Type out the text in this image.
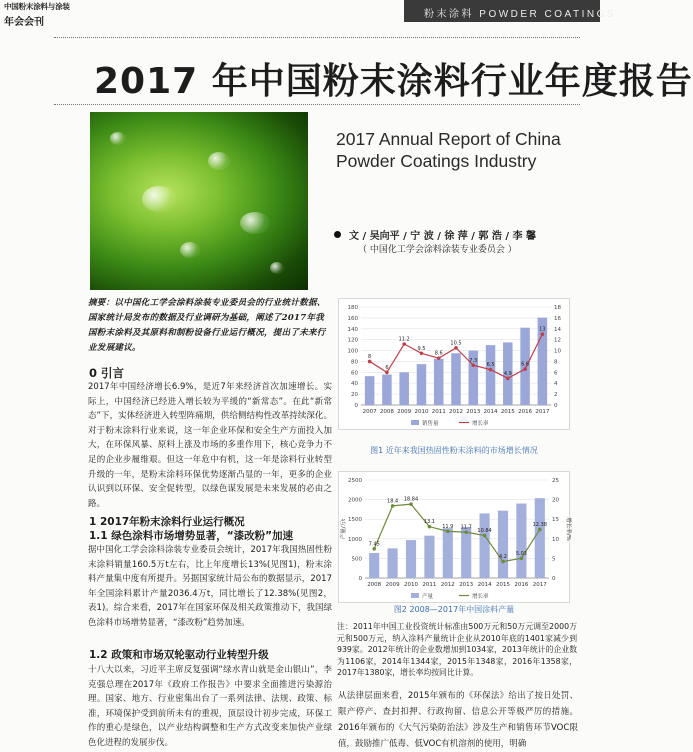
中国粉末涂料与涂装
年会会刊
粉末涂料 POWDER COATINGS
2017 年中国粉末涂料行业年度报告
2017 Annual Report of China
Powder Coatings Industry
文 / 吴向平 / 宁 波 / 徐 萍 / 郭 浩 / 李 馨
（ 中国化工学会涂料涂装专业委员会 ）

摘要：以中国化工学会涂料涂装专业委员会的行业统计数据、国家统计局发布的数据及行业调研为基础，阐述了2017年我国粉末涂料及其原料和制粉设备行业运行概况，提出了未来行业发展建议。

0 引言

2017年中国经济增长6.9%，是近7年来经济首次加速增长。实际上，中国经济已经进入增长较为平缓的“新常态”。在此“新常态”下，实体经济进入转型阵痛期，供给侧结构性改革持续深化。对于粉末涂料行业来说，这一年企业环保和安全生产方面投入加大，在环保风暴、原料上涨及市场的多重作用下，核心竞争力不足的企业步履维艰。但这一年危中有机，这一年是涂料行业转型升级的一年，是粉末涂料环保优势逐渐凸显的一年，更多的企业认识到以环保、安全促转型，以绿色谋发展是未来发展的必由之路。

1 2017年粉末涂料行业运行概况
1.1 绿色涂料市场增势显著，“漆改粉”加速

据中国化工学会涂料涂装专业委员会统计，2017年我国热固性粉末涂料销量160.5万t左右，比上年度增长13%(见图1)，粉末涂料产量集中度有所提升。另据国家统计局公布的数据显示，2017年全国涂料累计产量2036.4万t，同比增长了12.38%(见图2，表1)。综合来看，2017年在国家环保及相关政策推动下，我国绿色涂料市场增势显著，“漆改粉”趋势加速。

1.2 政策和市场双轮驱动行业转型升级

十八大以来，习近平主席反复强调“绿水青山就是金山银山”，李克强总理在2017年《政府工作报告》中要求全面推进污染源治理。国家、地方、行业密集出台了一系列法律、法规、政策、标准，环境保护受到前所未有的重视，顶层设计初步完成，环保工作的重心是绿色，以产业结构调整和生产方式改变来加快产业绿色化进程的发展步伐。

0
20
40
60
80
100
120
140
160
180
0
2
4
6
8
10
12
14
16
18
2007 2008 2009 2010 2011 2012 2013 2014 2015 2016 2017
8
6
11.2
9.5
8.6
10.5
7.3
6.5
4.9
6.6
13
销售量	增长率
图1 近年来我国热固性粉末涂料的市场增长情况
0
500
1000
1500
2000
2500
0
5
10
15
20
25
2008 2009 2010 2011 2012 2013 2014 2015 2016 2017
7.45
18.4 18.84
13.1
11.9 11.7
10.84
4.2
5.03
12.38
产量/万t	增长率/%
产量	增长率
图2 2008—2017年中国涂料产量

注：2011年中国工业投资统计标准由500万元和50万元调至2000万元和500万元，纳入涂料产量统计企业从2010年底的1401家减少到939家。2012年统计的企业数增加到1034家，2013年统计的企业数为1106家，2014年1344家，2015年1348家，2016年1358家，2017年1380家，增长率均按同比计算。

从法律层面来看，2015年颁布的《环保法》给出了按日处罚、限产停产、查封扣押、行政拘留、信息公开等极严厉的措施。2016年颁布的《大气污染防治法》涉及生产和销售环节VOC限值，鼓励推广低毒、低VOC有机溶剂的使用，明确
